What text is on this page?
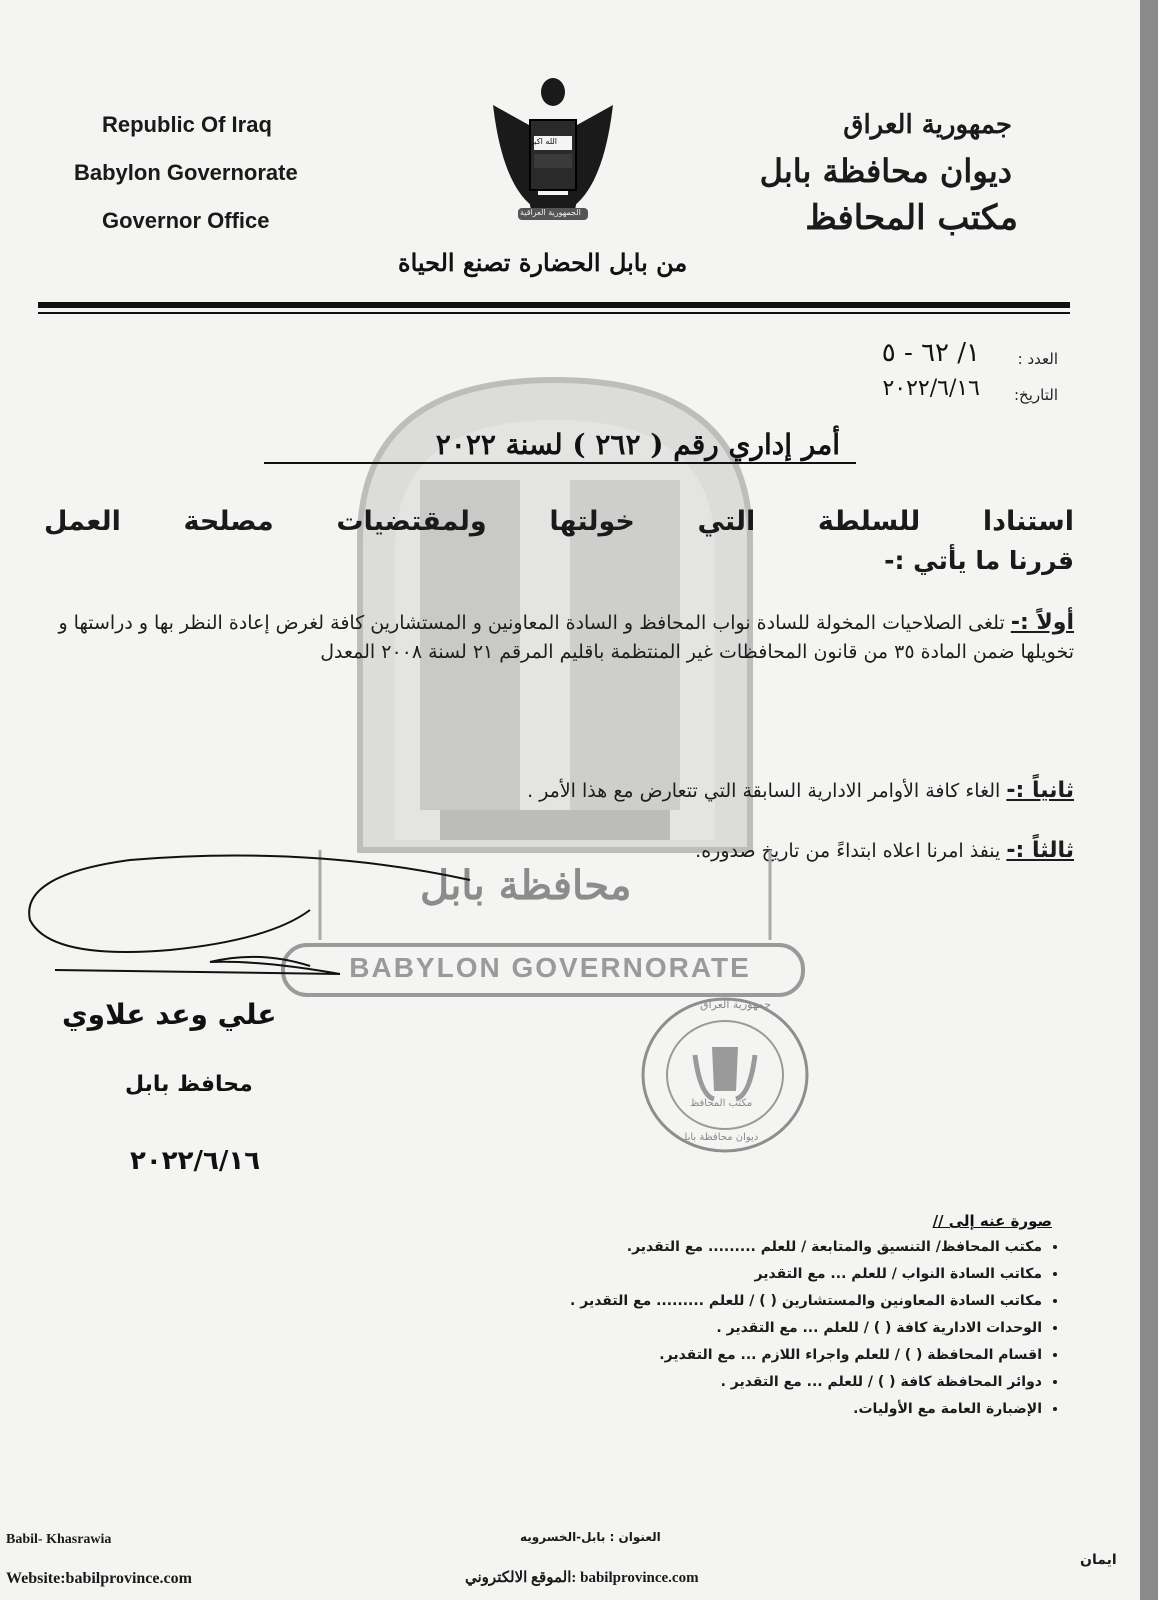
Republic Of Iraq
Babylon Governorate
Governor Office
الله اكبر
الجمهورية العراقية
جمهورية العراق
ديوان محافظة بابل
مكتب المحافظ
من بابل الحضارة تصنع الحياة
العدد :
١/ ٦٢ - ٥
التاريخ:
٢٠٢٢/٦/١٦
أمر إداري رقم ( ٢٦٢ ) لسنة ٢٠٢٢
استنادا للسلطة التي خولتها ولمقتضيات مصلحة العمل
قررنا ما يأتي :-
أولاً :- تلغى الصلاحيات المخولة للسادة نواب المحافظ و السادة المعاونين و المستشارين كافة لغرض إعادة النظر بها و دراستها و تخويلها ضمن المادة ٣٥ من قانون المحافظات غير المنتظمة باقليم المرقم ٢١ لسنة ٢٠٠٨ المعدل
ثانياً :- الغاء كافة الأوامر الادارية السابقة التي تتعارض مع هذا الأمر .
ثالثاً :- ينفذ امرنا اعلاه ابتداءً من تاريخ صدوره.
محافظة بابل
BABYLON GOVERNORATE
جمهورية العراق
مكتب المحافظ
ديوان محافظة بابل
علي وعد علاوي
محافظ بابل
٢٠٢٢/٦/١٦
صورة عنه إلى //
• مكتب المحافظ/ التنسيق والمتابعة / للعلم ......... مع التقدير.
• مكاتب السادة النواب / للعلم ... مع التقدير
• مكاتب السادة المعاونين والمستشارين ( ) / للعلم ......... مع التقدير .
• الوحدات الادارية كافة ( ) / للعلم ... مع التقدير .
• اقسام المحافظة ( ) / للعلم واجراء اللازم ... مع التقدير.
• دوائر المحافظة كافة ( ) / للعلم ... مع التقدير .
• الإضبارة العامة مع الأوليات.
Babil- Khasrawia
Website:babilprovince.com
العنوان : بابل-الخسرويه
babilprovince.com :الموقع الالكتروني
ايمان
